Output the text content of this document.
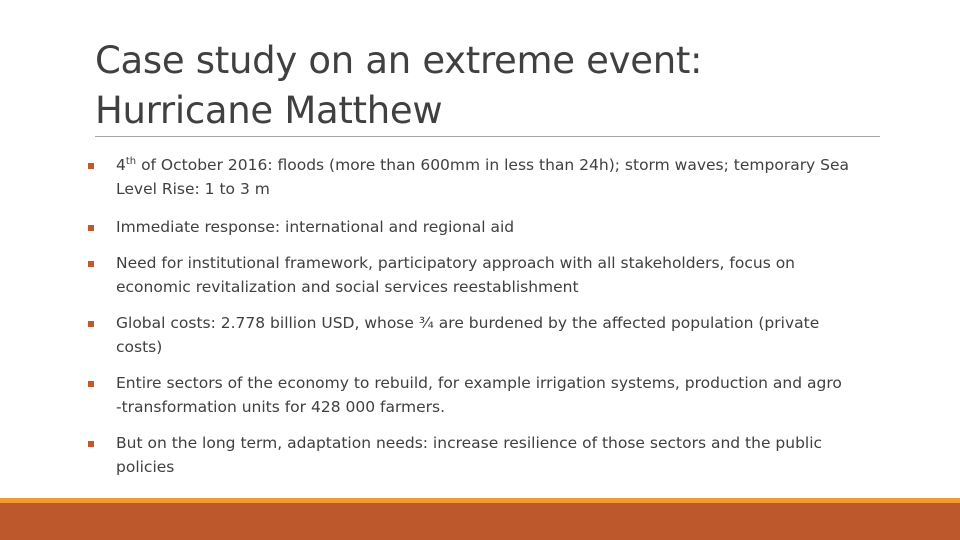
Case study on an extreme event:
Hurricane Matthew
4th of October 2016: floods (more than 600mm in less than 24h); storm waves; temporary Sea
Level Rise: 1 to 3 m
Immediate response: international and regional aid
Need for institutional framework, participatory approach with all stakeholders, focus on
economic revitalization and social services reestablishment
Global costs: 2.778 billion USD, whose ¾ are burdened by the affected population (private
costs)
Entire sectors of the economy to rebuild, for example irrigation systems, production and agro
-transformation units for 428 000 farmers.
But on the long term, adaptation needs: increase resilience of those sectors and the public
policies
